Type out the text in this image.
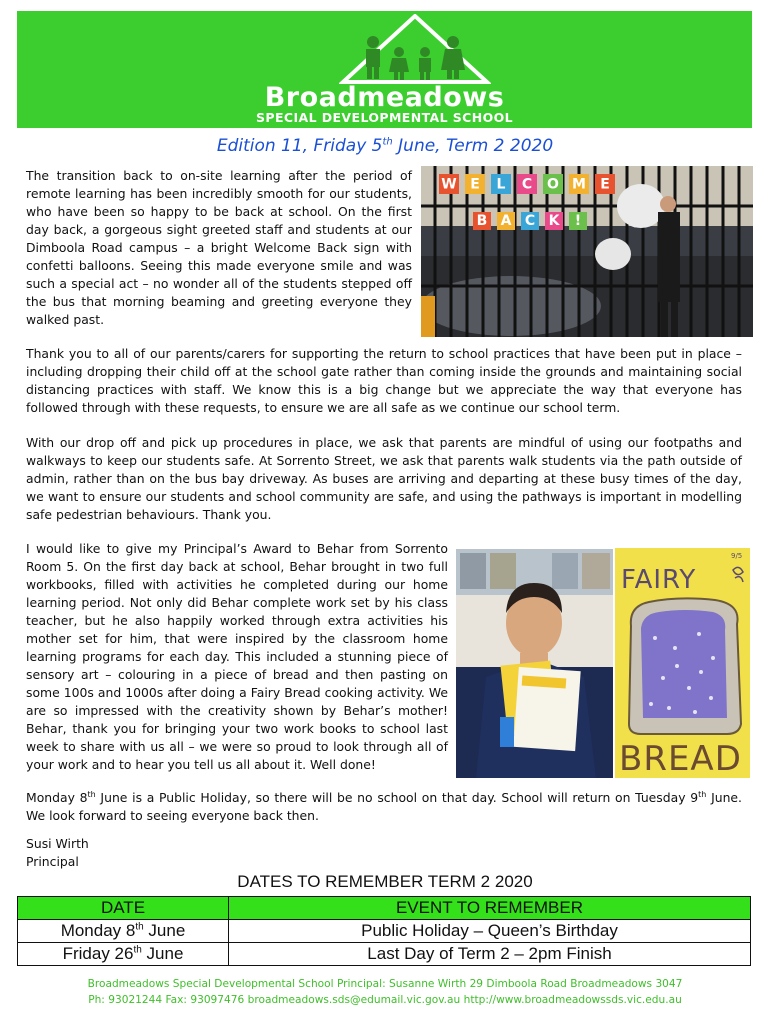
Broadmeadows
SPECIAL DEVELOPMENTAL SCHOOL
Edition 11, Friday 5th June, Term 2 2020

The transition back to on-site learning after the period of remote learning has been incredibly smooth for our students, who have been so happy to be back at school. On the first day back, a gorgeous sight greeted staff and students at our Dimboola Road campus – a bright Welcome Back sign with confetti balloons. Seeing this made everyone smile and was such a special act – no wonder all of the students stepped off the bus that morning beaming and greeting everyone they walked past.

W E L C O M E
B A C K !

Thank you to all of our parents/carers for supporting the return to school practices that have been put in place – including dropping their child off at the school gate rather than coming inside the grounds and maintaining social distancing practices with staff. We know this is a big change but we appreciate the way that everyone has followed through with these requests, to ensure we are all safe as we continue our school term.

With our drop off and pick up procedures in place, we ask that parents are mindful of using our footpaths and walkways to keep our students safe. At Sorrento Street, we ask that parents walk students via the path outside of admin, rather than on the bus bay driveway. As buses are arriving and departing at these busy times of the day, we want to ensure our students and school community are safe, and using the pathways is important in modelling safe pedestrian behaviours. Thank you.

I would like to give my Principal’s Award to Behar from Sorrento Room 5. On the first day back at school, Behar brought in two full workbooks, filled with activities he completed during our home learning period. Not only did Behar complete work set by his class teacher, but he also happily worked through extra activities his mother set for him, that were inspired by the classroom home learning programs for each day. This included a stunning piece of sensory art – colouring in a piece of bread and then pasting on some 100s and 1000s after doing a Fairy Bread cooking activity. We are so impressed with the creativity shown by Behar’s mother! Behar, thank you for bringing your two work books to school last week to share with us all – we were so proud to look through all of your work and to hear you tell us all about it. Well done!

FAIRY
9/5
BREAD

Monday 8th June is a Public Holiday, so there will be no school on that day. School will return on Tuesday 9th June. We look forward to seeing everyone back then.

Susi Wirth
Principal
DATES TO REMEMBER TERM 2 2020
DATE	EVENT TO REMEMBER
Monday 8th June	Public Holiday – Queen’s Birthday
Friday 26th June	Last Day of Term 2 – 2pm Finish
Broadmeadows Special Developmental School Principal: Susanne Wirth 29 Dimboola Road Broadmeadows 3047
Ph: 93021244 Fax: 93097476 broadmeadows.sds@edumail.vic.gov.au http://www.broadmeadowssds.vic.edu.au
